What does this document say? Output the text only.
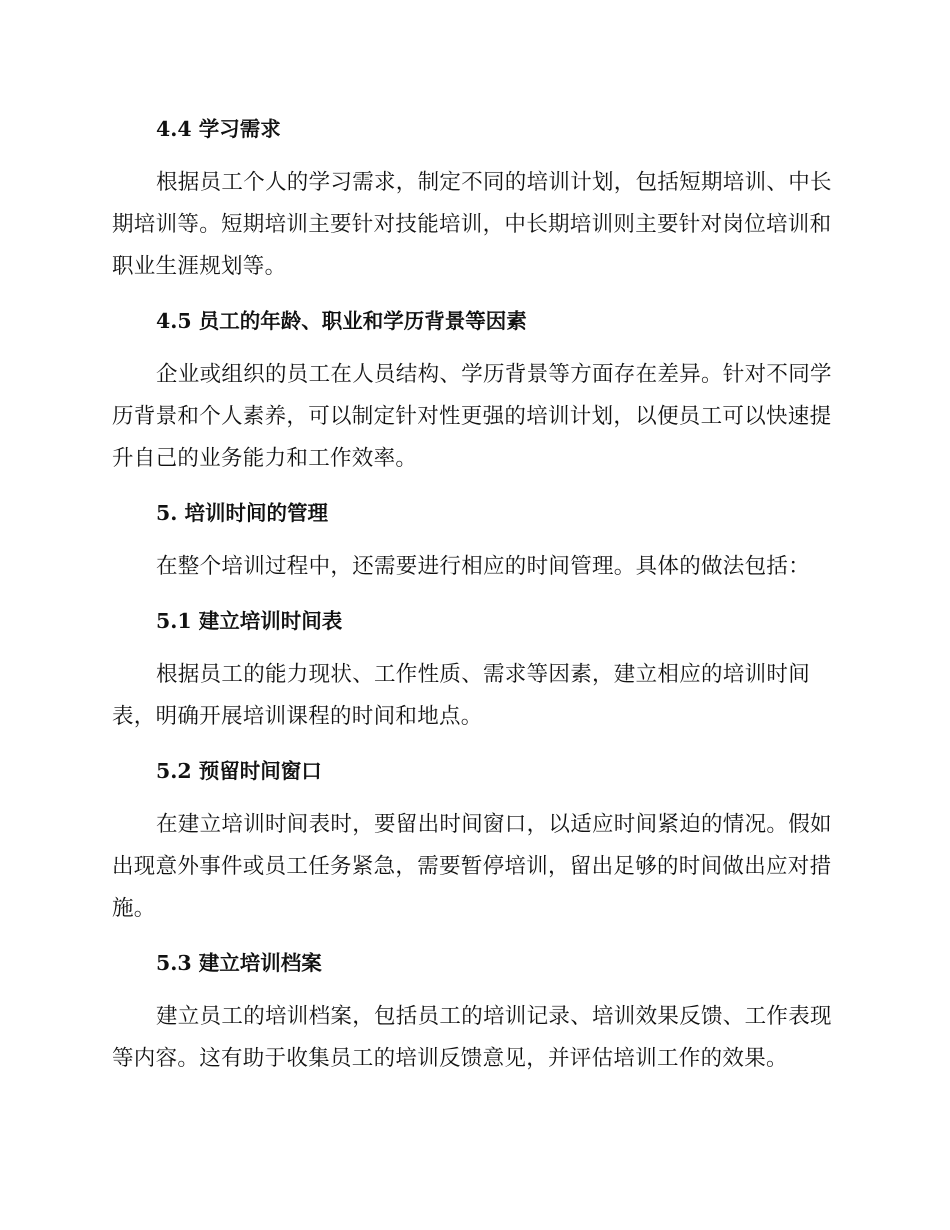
4.4 学习需求
根据员工个人的学习需求，制定不同的培训计划，包括短期培训、中长
期培训等。短期培训主要针对技能培训，中长期培训则主要针对岗位培训和
职业生涯规划等。
4.5 员工的年龄、职业和学历背景等因素
企业或组织的员工在人员结构、学历背景等方面存在差异。针对不同学
历背景和个人素养，可以制定针对性更强的培训计划，以便员工可以快速提
升自己的业务能力和工作效率。
5. 培训时间的管理
在整个培训过程中，还需要进行相应的时间管理。具体的做法包括：
5.1 建立培训时间表
根据员工的能力现状、工作性质、需求等因素，建立相应的培训时间
表，明确开展培训课程的时间和地点。
5.2 预留时间窗口
在建立培训时间表时，要留出时间窗口，以适应时间紧迫的情况。假如
出现意外事件或员工任务紧急，需要暂停培训，留出足够的时间做出应对措
施。
5.3 建立培训档案
建立员工的培训档案，包括员工的培训记录、培训效果反馈、工作表现
等内容。这有助于收集员工的培训反馈意见，并评估培训工作的效果。
